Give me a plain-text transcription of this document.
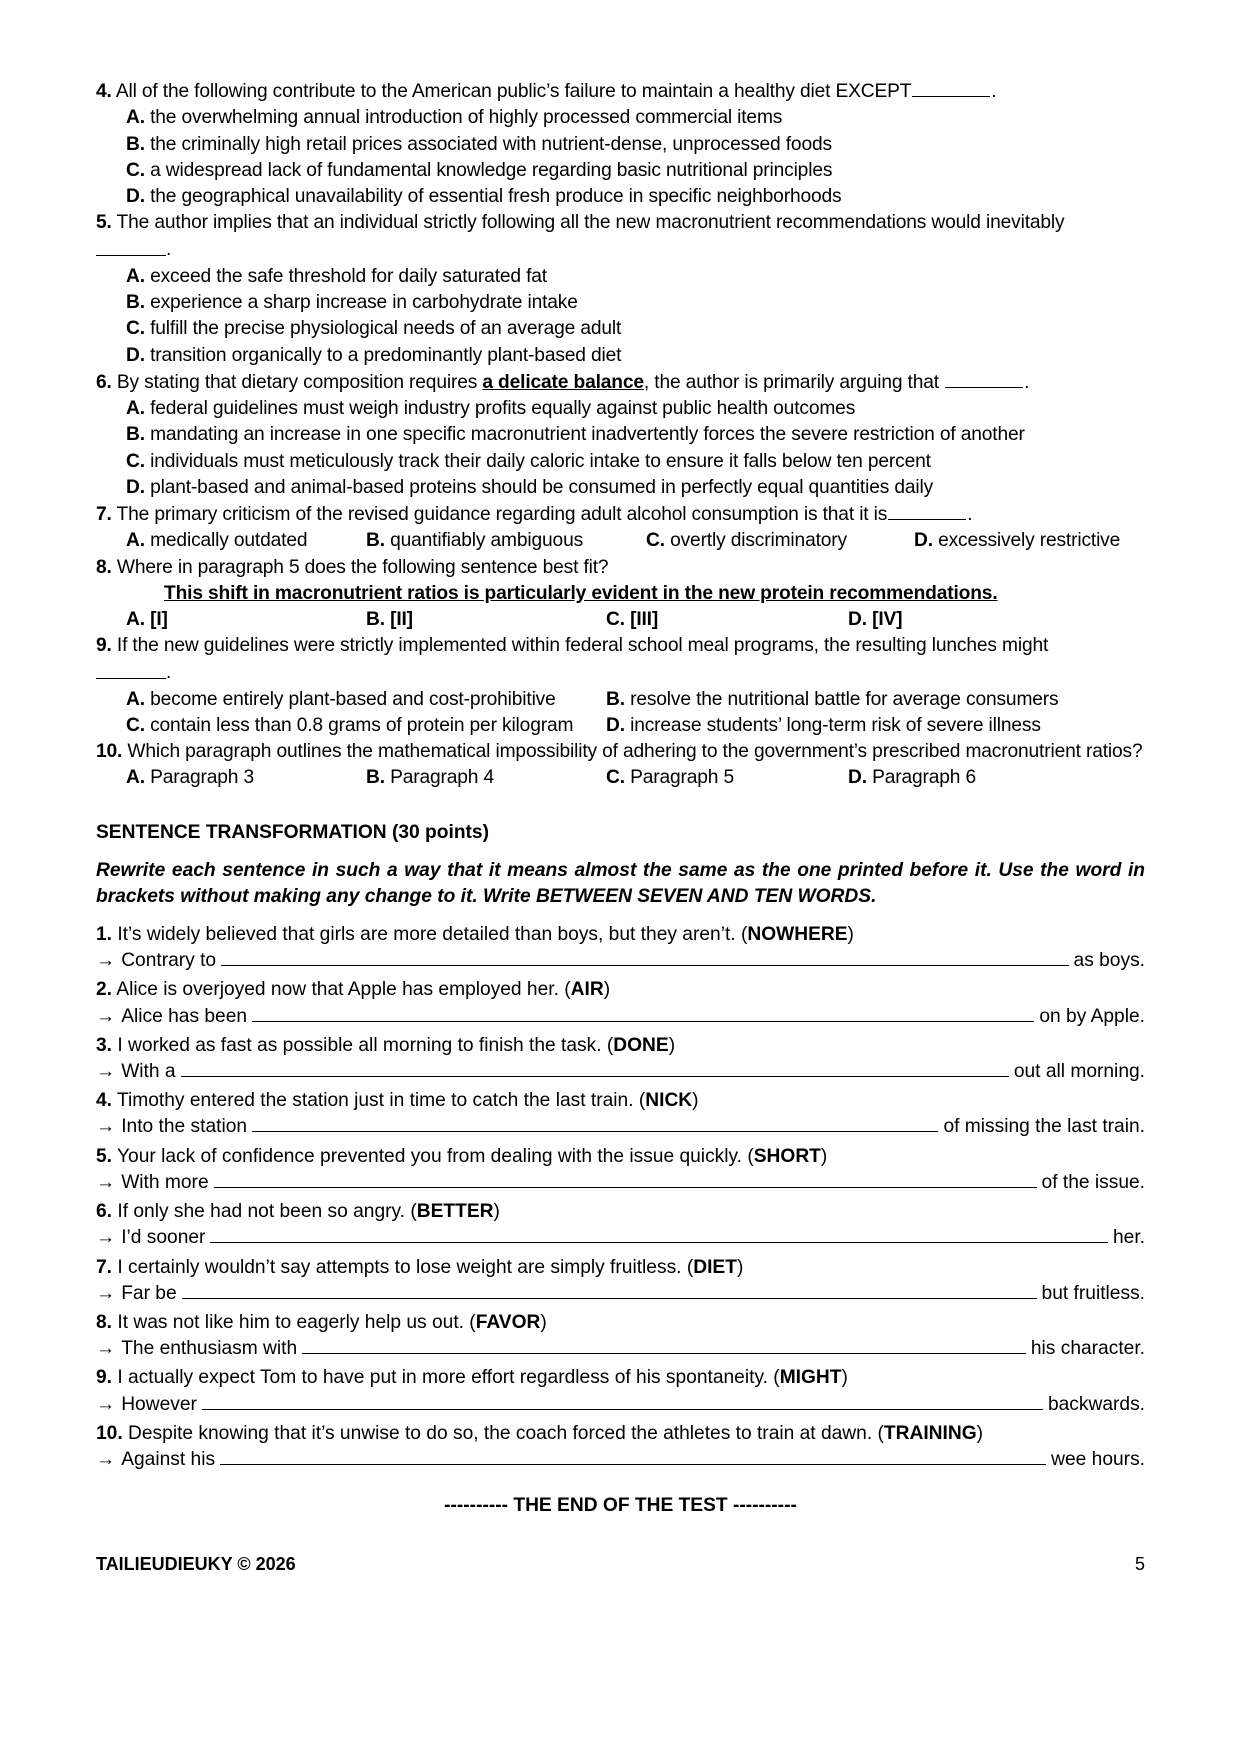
4. All of the following contribute to the American public’s failure to maintain a healthy diet EXCEPT	.
A. the overwhelming annual introduction of highly processed commercial items
B. the criminally high retail prices associated with nutrient-dense, unprocessed foods
C. a widespread lack of fundamental knowledge regarding basic nutritional principles
D. the geographical unavailability of essential fresh produce in specific neighborhoods
5. The author implies that an individual strictly following all the new macronutrient recommendations would inevitably
.
A. exceed the safe threshold for daily saturated fat
B. experience a sharp increase in carbohydrate intake
C. fulfill the precise physiological needs of an average adult
D. transition organically to a predominantly plant-based diet
6. By stating that dietary composition requires a delicate balance, the author is primarily arguing that	.
A. federal guidelines must weigh industry profits equally against public health outcomes
B. mandating an increase in one specific macronutrient inadvertently forces the severe restriction of another
C. individuals must meticulously track their daily caloric intake to ensure it falls below ten percent
D. plant-based and animal-based proteins should be consumed in perfectly equal quantities daily
7. The primary criticism of the revised guidance regarding adult alcohol consumption is that it is	.
A. medically outdated	B. quantifiably ambiguous	C. overtly discriminatory	D. excessively restrictive
8. Where in paragraph 5 does the following sentence best fit?
This shift in macronutrient ratios is particularly evident in the new protein recommendations.
A. [I]	B. [II]	C. [III]	D. [IV]
9. If the new guidelines were strictly implemented within federal school meal programs, the resulting lunches might
.
A. become entirely plant-based and cost-prohibitive	B. resolve the nutritional battle for average consumers
C. contain less than 0.8 grams of protein per kilogram	D. increase students’ long-term risk of severe illness
10. Which paragraph outlines the mathematical impossibility of adhering to the government’s prescribed macronutrient ratios?
A. Paragraph 3	B. Paragraph 4	C. Paragraph 5	D. Paragraph 6
SENTENCE TRANSFORMATION (30 points)
Rewrite each sentence in such a way that it means almost the same as the one printed before it. Use the word in brackets without making any change to it. Write BETWEEN SEVEN AND TEN WORDS.
1. It’s widely believed that girls are more detailed than boys, but they aren’t. (NOWHERE)
→ Contrary to	as boys.
2. Alice is overjoyed now that Apple has employed her. (AIR)
→ Alice has been	on by Apple.
3. I worked as fast as possible all morning to finish the task. (DONE)
→ With a	out all morning.
4. Timothy entered the station just in time to catch the last train. (NICK)
→ Into the station	of missing the last train.
5. Your lack of confidence prevented you from dealing with the issue quickly. (SHORT)
→ With more	of the issue.
6. If only she had not been so angry. (BETTER)
→ I’d sooner	her.
7. I certainly wouldn’t say attempts to lose weight are simply fruitless. (DIET)
→ Far be	but fruitless.
8. It was not like him to eagerly help us out. (FAVOR)
→ The enthusiasm with	his character.
9. I actually expect Tom to have put in more effort regardless of his spontaneity. (MIGHT)
→ However	backwards.
10. Despite knowing that it’s unwise to do so, the coach forced the athletes to train at dawn. (TRAINING)
→ Against his	wee hours.
---------- THE END OF THE TEST ----------
TAILIEUDIEUKY © 2026	5
